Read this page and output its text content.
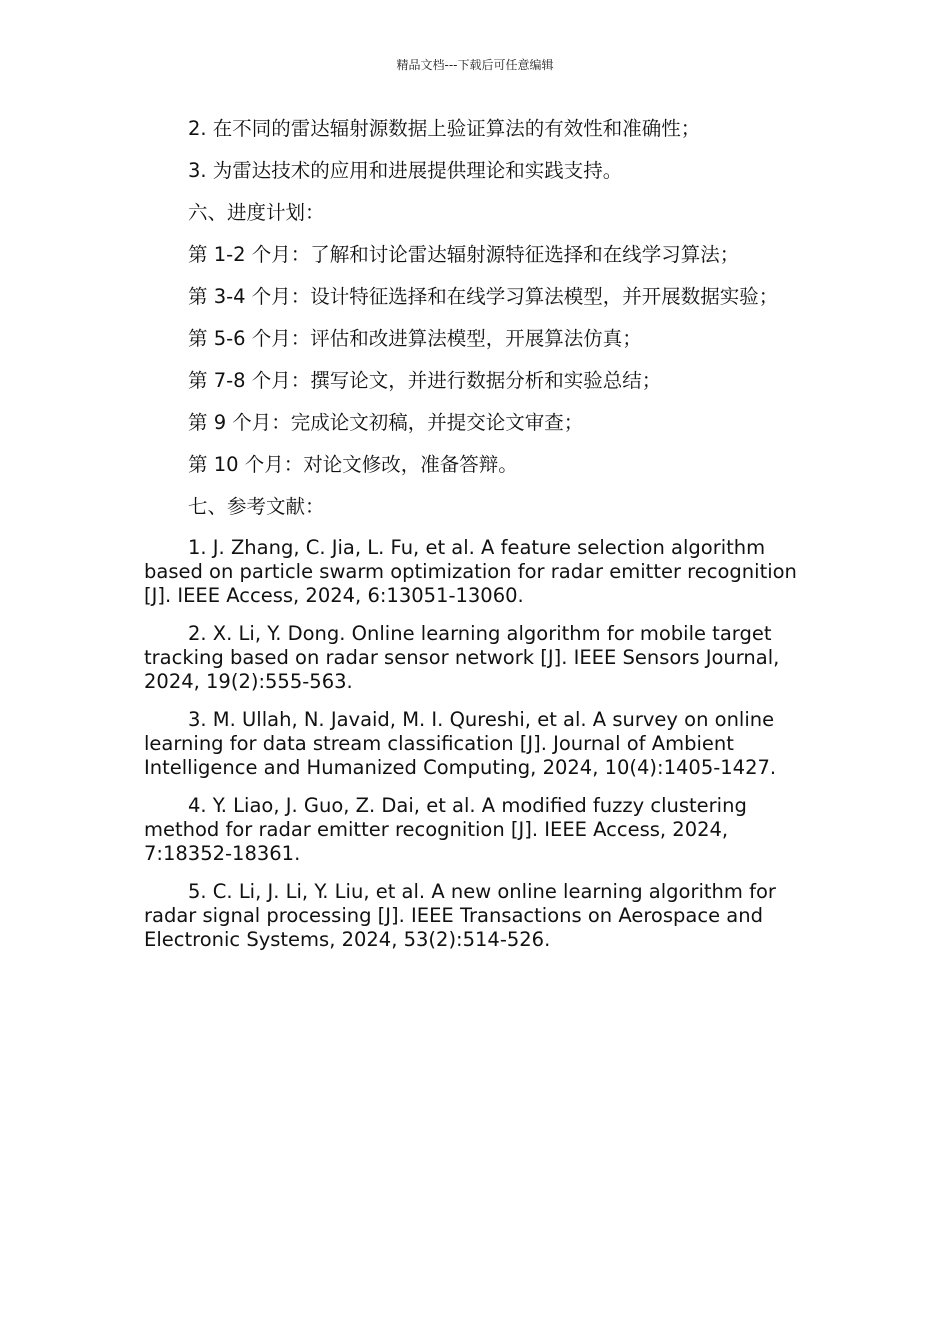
精品文档---下载后可任意编辑
2. 在不同的雷达辐射源数据上验证算法的有效性和准确性；
3. 为雷达技术的应用和进展提供理论和实践支持。
六、进度计划：
第 1-2 个月：了解和讨论雷达辐射源特征选择和在线学习算法；
第 3-4 个月：设计特征选择和在线学习算法模型，并开展数据实验；
第 5-6 个月：评估和改进算法模型，开展算法仿真；
第 7-8 个月：撰写论文，并进行数据分析和实验总结；
第 9 个月：完成论文初稿，并提交论文审查；
第 10 个月：对论文修改，准备答辩。
七、参考文献：
1. J. Zhang, C. Jia, L. Fu, et al. A feature selection algorithm based on particle swarm optimization for radar emitter recognition [J]. IEEE Access, 2024, 6:13051-13060.
2. X. Li, Y. Dong. Online learning algorithm for mobile target tracking based on radar sensor network [J]. IEEE Sensors Journal, 2024, 19(2):555-563.
3. M. Ullah, N. Javaid, M. I. Qureshi, et al. A survey on online learning for data stream classification [J]. Journal of Ambient Intelligence and Humanized Computing, 2024, 10(4):1405-1427.
4. Y. Liao, J. Guo, Z. Dai, et al. A modified fuzzy clustering method for radar emitter recognition [J]. IEEE Access, 2024, 7:18352-18361.
5. C. Li, J. Li, Y. Liu, et al. A new online learning algorithm for radar signal processing [J]. IEEE Transactions on Aerospace and Electronic Systems, 2024, 53(2):514-526.
